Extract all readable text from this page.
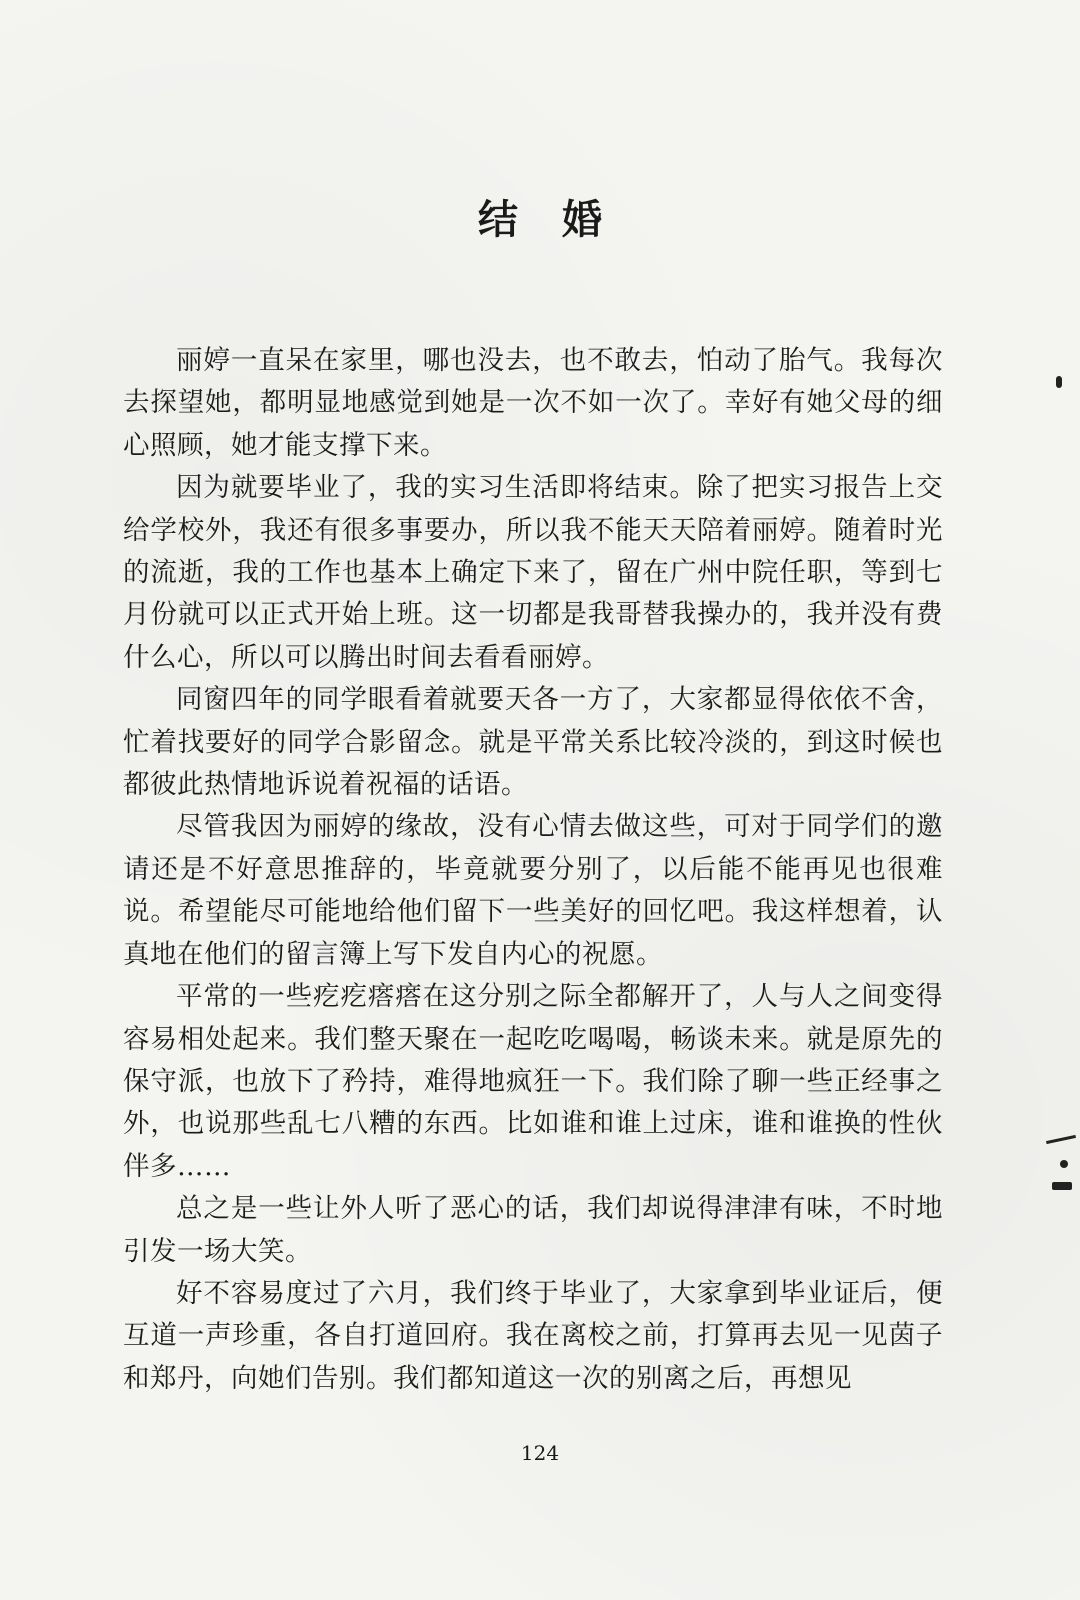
结婚

丽婷一直呆在家里，哪也没去，也不敢去，怕动了胎气。我每次去探望她，都明显地感觉到她是一次不如一次了。幸好有她父母的细心照顾，她才能支撑下来。

因为就要毕业了，我的实习生活即将结束。除了把实习报告上交给学校外，我还有很多事要办，所以我不能天天陪着丽婷。随着时光的流逝，我的工作也基本上确定下来了，留在广州中院任职，等到七月份就可以正式开始上班。这一切都是我哥替我操办的，我并没有费什么心，所以可以腾出时间去看看丽婷。

同窗四年的同学眼看着就要天各一方了，大家都显得依依不舍，忙着找要好的同学合影留念。就是平常关系比较冷淡的，到这时候也都彼此热情地诉说着祝福的话语。

尽管我因为丽婷的缘故，没有心情去做这些，可对于同学们的邀请还是不好意思推辞的，毕竟就要分别了，以后能不能再见也很难说。希望能尽可能地给他们留下一些美好的回忆吧。我这样想着，认真地在他们的留言簿上写下发自内心的祝愿。

平常的一些疙疙瘩瘩在这分别之际全都解开了，人与人之间变得容易相处起来。我们整天聚在一起吃吃喝喝，畅谈未来。就是原先的保守派，也放下了矜持，难得地疯狂一下。我们除了聊一些正经事之外，也说那些乱七八糟的东西。比如谁和谁上过床，谁和谁换的性伙伴多……

总之是一些让外人听了恶心的话，我们却说得津津有味，不时地引发一场大笑。

好不容易度过了六月，我们终于毕业了，大家拿到毕业证后，便互道一声珍重，各自打道回府。我在离校之前，打算再去见一见茵子和郑丹，向她们告别。我们都知道这一次的别离之后，再想见

124
